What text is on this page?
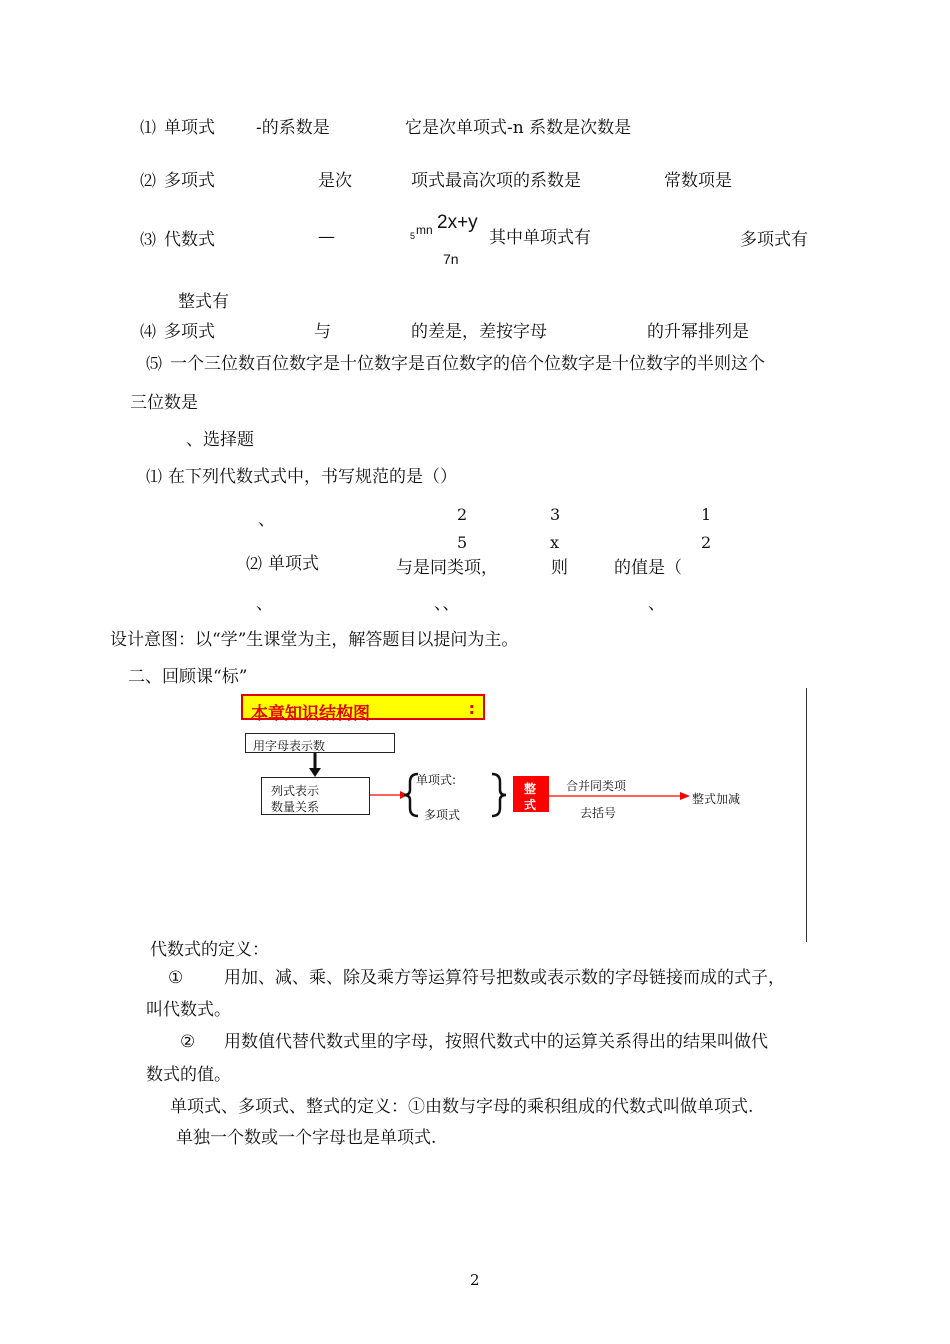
⑴ 单项式 -的系数是	它是次单项式-n 系数是次数是
⑵ 多项式	是次	项式最高次项的系数是	常数项是
⑶ 代数式	—	5 mn 2x+y
7n
其中单项式有	多项式有
整式有
⑷ 多项式	与	的差是，差按字母	的升幂排列是
⑸ 一个三位数百位数字是十位数字是百位数字的倍个位数字是十位数字的半则这个
三位数是
、选择题
⑴ 在下列代数式式中，书写规范的是（）
、	2
5
3
x
1
2
⑵ 单项式	与是同类项，	则	的值是（
、	、、	、
设计意图：以“学”生课堂为主，解答题目以提问为主。
二、回顾课“标”
本章知识结构图	:
用字母表示数
列式表示
数量关系
单项式:
多项式
整
式
合并同类项
去括号
整式加减
代数式的定义：
① 用加、减、乘、除及乘方等运算符号把数或表示数的字母链接而成的式子，
叫代数式。
② 用数值代替代数式里的字母，按照代数式中的运算关系得出的结果叫做代
数式的值。
单项式、多项式、整式的定义：①由数与字母的乘积组成的代数式叫做单项式.
单独一个数或一个字母也是单项式.
2
